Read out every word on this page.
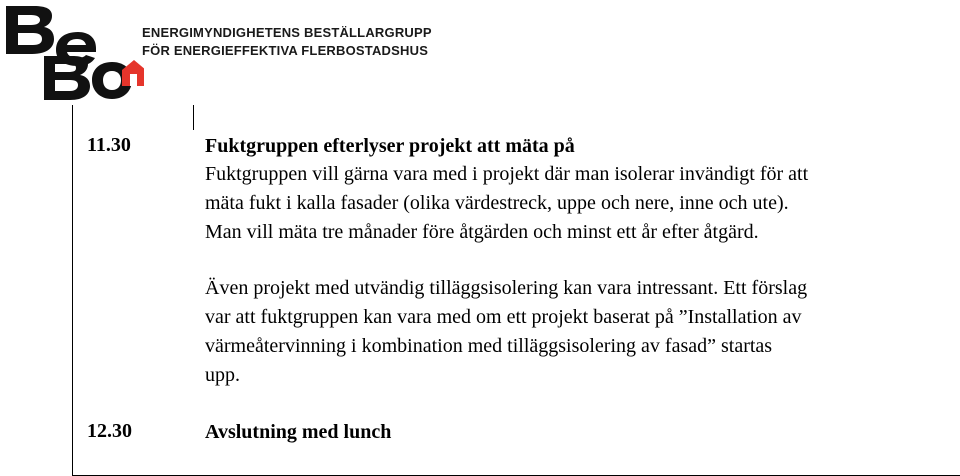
ENERGIMYNDIGHETENS BESTÄLLARGRUPP
FÖR ENERGIEFFEKTIVA FLERBOSTADSHUS
11.30	Fuktgruppen efterlyser projekt att mäta på
Fuktgruppen vill gärna vara med i projekt där man isolerar invändigt för att
mäta fukt i kalla fasader (olika värdestreck, uppe och nere, inne och ute).
Man vill mäta tre månader före åtgärden och minst ett år efter åtgärd.
Även projekt med utvändig tilläggsisolering kan vara intressant. Ett förslag
var att fuktgruppen kan vara med om ett projekt baserat på ”Installation av
värmeåtervinning i kombination med tilläggsisolering av fasad” startas
upp.
12.30	Avslutning med lunch
